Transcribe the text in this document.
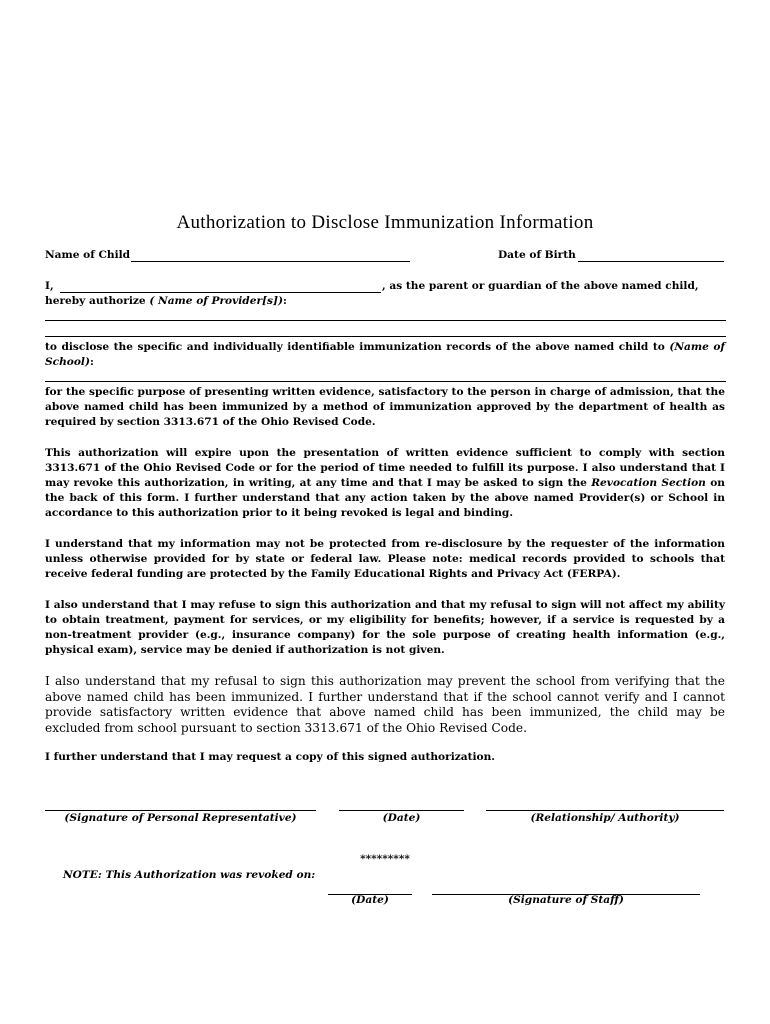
Authorization to Disclose Immunization Information
Name of Child	Date of Birth
I,	, as the parent or guardian of the above named child,
hereby authorize ( Name of Provider[s]):
to disclose the specific and individually identifiable immunization records of the above named child to (Name of School):
for the specific purpose of presenting written evidence, satisfactory to the person in charge of admission, that the above named child has been immunized by a method of immunization approved by the department of health as required by section 3313.671 of the Ohio Revised Code.
This authorization will expire upon the presentation of written evidence sufficient to comply with section 3313.671 of the Ohio Revised Code or for the period of time needed to fulfill its purpose. I also understand that I may revoke this authorization, in writing, at any time and that I may be asked to sign the Revocation Section on the back of this form. I further understand that any action taken by the above named Provider(s) or School in accordance to this authorization prior to it being revoked is legal and binding.
I understand that my information may not be protected from re-disclosure by the requester of the information unless otherwise provided for by state or federal law. Please note: medical records provided to schools that receive federal funding are protected by the Family Educational Rights and Privacy Act (FERPA).
I also understand that I may refuse to sign this authorization and that my refusal to sign will not affect my ability to obtain treatment, payment for services, or my eligibility for benefits; however, if a service is requested by a non-treatment provider (e.g., insurance company) for the sole purpose of creating health information (e.g., physical exam), service may be denied if authorization is not given.
I also understand that my refusal to sign this authorization may prevent the school from verifying that the above named child has been immunized. I further understand that if the school cannot verify and I cannot provide satisfactory written evidence that above named child has been immunized, the child may be excluded from school pursuant to section 3313.671 of the Ohio Revised Code.
I further understand that I may request a copy of this signed authorization.
(Signature of Personal Representative)	(Date)	(Relationship/ Authority)
*********
NOTE: This Authorization was revoked on:
(Date)	(Signature of Staff)
